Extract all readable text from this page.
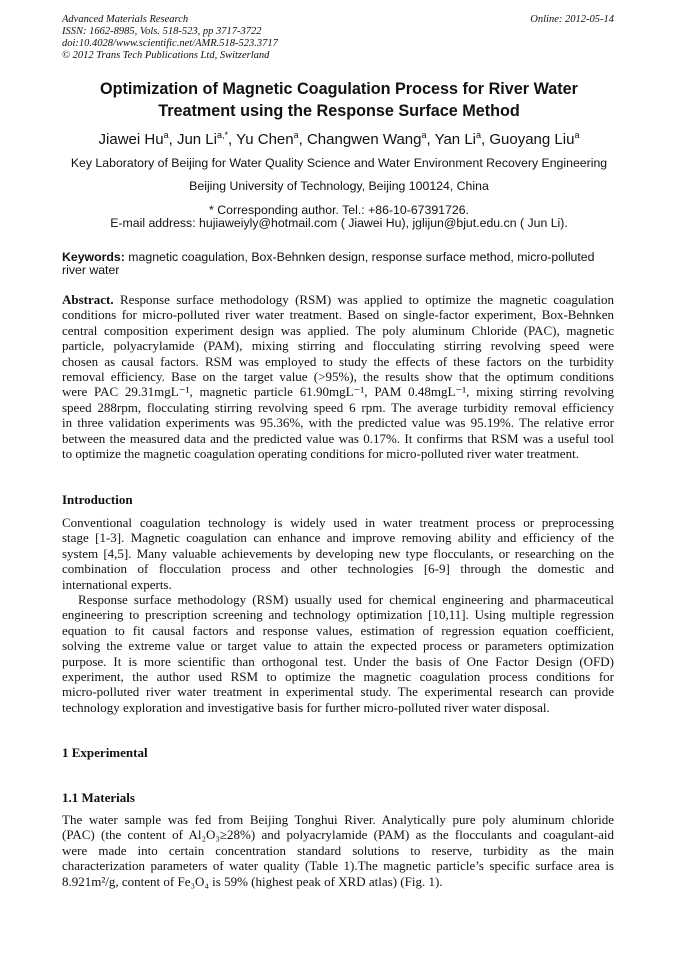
Advanced Materials Research
ISSN: 1662-8985, Vols. 518-523, pp 3717-3722
doi:10.4028/www.scientific.net/AMR.518-523.3717
© 2012 Trans Tech Publications Ltd, Switzerland
Online: 2012-05-14
Optimization of Magnetic Coagulation Process for River Water
Treatment using the Response Surface Method
Jiawei Hu$^a$, Jun $Li^{a,*}$, Yu Chen$^a$, Changwen Wang$^a$, Yan Li$^a$, Guoyang Liu$^a$
Key Laboratory of Beijing for Water Quality Science and Water Environment Recovery Engineering
Beijing University of Technology, Beijing 100124, China
* Corresponding author. Tel.: +86-10-67391726.
E-mail address: hujiaweiyly@hotmail.com ( Jiawei Hu), jglijun@bjut.edu.cn ( Jun Li).
Keywords: magnetic coagulation, Box-Behnken design, response surface method, micro-polluted river water
Abstract. Response surface methodology (RSM) was applied to optimize the magnetic coagulation
conditions for micro-polluted river water treatment. Based on single-factor experiment, Box-Behnken
central composition experiment design was applied. The poly aluminum Chloride (PAC), magnetic
particle, polyacrylamide (PAM), mixing stirring and flocculating stirring revolving speed were
chosen as causal factors. RSM was employed to study the effects of these factors on the turbidity
removal efficiency. Base on the target value (>95%), the results show that the optimum conditions
were PAC 29.31mgL⁻¹, magnetic particle 61.90mgL⁻¹, PAM 0.48mgL⁻¹, mixing stirring revolving
speed 288rpm, flocculating stirring revolving speed 6 rpm. The average turbidity removal efficiency
in three validation experiments was 95.36%, with the predicted value was 95.19%. The relative error
between the measured data and the predicted value was 0.17%. It confirms that RSM was a useful tool
to optimize the magnetic coagulation operating conditions for micro-polluted river water treatment.
Introduction
Conventional coagulation technology is widely used in water treatment process or preprocessing
stage [1-3]. Magnetic coagulation can enhance and improve removing ability and efficiency of the
system [4,5]. Many valuable achievements by developing new type flocculants, or researching on the
combination of flocculation process and other technologies [6-9] through the domestic and
international experts.
Response surface methodology (RSM) usually used for chemical engineering and pharmaceutical
engineering to prescription screening and technology optimization [10,11]. Using multiple regression
equation to fit causal factors and response values, estimation of regression equation coefficient,
solving the extreme value or target value to attain the expected process or parameters optimization
purpose. It is more scientific than orthogonal test. Under the basis of One Factor Design (OFD)
experiment, the author used RSM to optimize the magnetic coagulation process conditions for
micro-polluted river water treatment in experimental study. The experimental research can provide
technology exploration and investigative basis for further micro-polluted river water disposal.
1 Experimental
1.1 Materials
The water sample was fed from Beijing Tonghui River. Analytically pure poly aluminum chloride
(PAC) (the content of Al₂O₃≥28%) and polyacrylamide (PAM) as the flocculants and coagulant-aid
were made into certain concentration standard solutions to reserve, turbidity as the main
characterization parameters of water quality (Table 1).The magnetic particle’s specific surface area is
8.921m²/g, content of Fe₃O₄ is 59% (highest peak of XRD atlas) (Fig. 1).
